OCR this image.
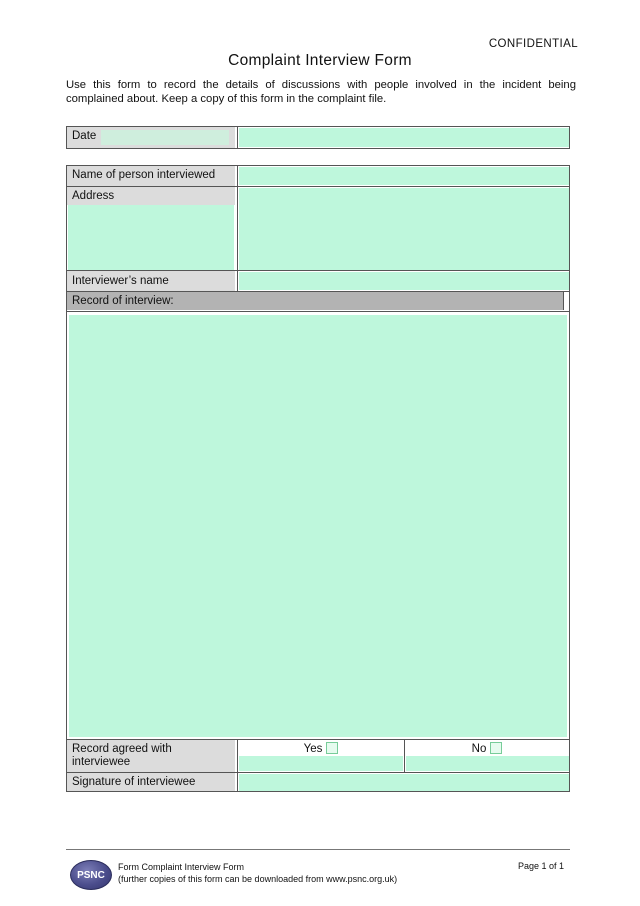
CONFIDENTIAL
Complaint Interview Form
Use this form to record the details of discussions with people involved in the incident being complained about. Keep a copy of this form in the complaint file.
Date
Name of person interviewed
Address
Interviewer’s name
Record of interview:
Record agreed with interviewee
Yes	No
Signature of interviewee
PSNC
Form Complaint Interview Form
(further copies of this form can be downloaded from www.psnc.org.uk)
Page 1 of 1
